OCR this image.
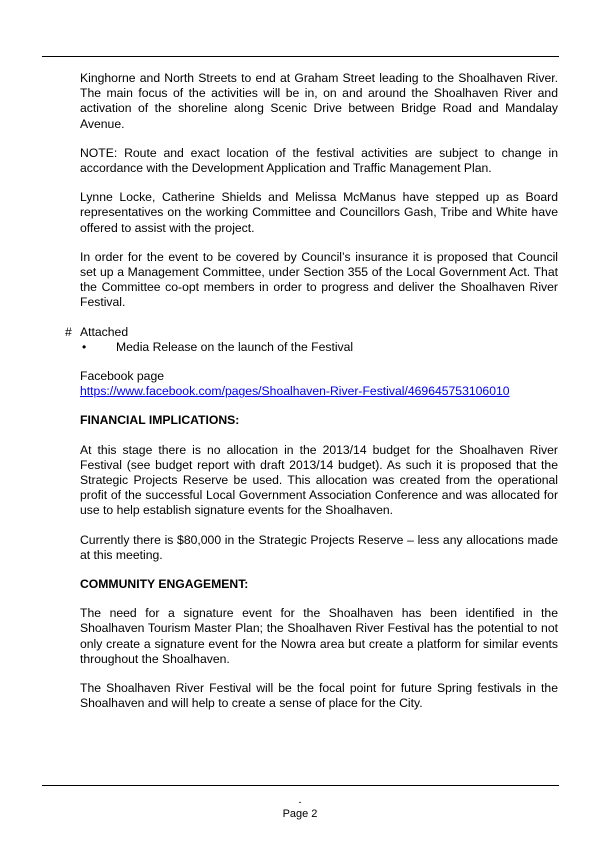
Kinghorne and North Streets to end at Graham Street leading to the Shoalhaven River. The main focus of the activities will be in, on and around the Shoalhaven River and activation of the shoreline along Scenic Drive between Bridge Road and Mandalay Avenue.

NOTE: Route and exact location of the festival activities are subject to change in accordance with the Development Application and Traffic Management Plan.

Lynne Locke, Catherine Shields and Melissa McManus have stepped up as Board representatives on the working Committee and Councillors Gash, Tribe and White have offered to assist with the project.

In order for the event to be covered by Council’s insurance it is proposed that Council set up a Management Committee, under Section 355 of the Local Government Act. That the Committee co-opt members in order to progress and deliver the Shoalhaven River Festival.

# Attached

• Media Release on the launch of the Festival

Facebook page

https://www.facebook.com/pages/Shoalhaven-River-Festival/469645753106010

FINANCIAL IMPLICATIONS:

At this stage there is no allocation in the 2013/14 budget for the Shoalhaven River Festival (see budget report with draft 2013/14 budget). As such it is proposed that the Strategic Projects Reserve be used. This allocation was created from the operational profit of the successful Local Government Association Conference and was allocated for use to help establish signature events for the Shoalhaven.

Currently there is $80,000 in the Strategic Projects Reserve – less any allocations made at this meeting.

COMMUNITY ENGAGEMENT:

The need for a signature event for the Shoalhaven has been identified in the Shoalhaven Tourism Master Plan; the Shoalhaven River Festival has the potential to not only create a signature event for the Nowra area but create a platform for similar events throughout the Shoalhaven.

The Shoalhaven River Festival will be the focal point for future Spring festivals in the Shoalhaven and will help to create a sense of place for the City.

-
Page 2
